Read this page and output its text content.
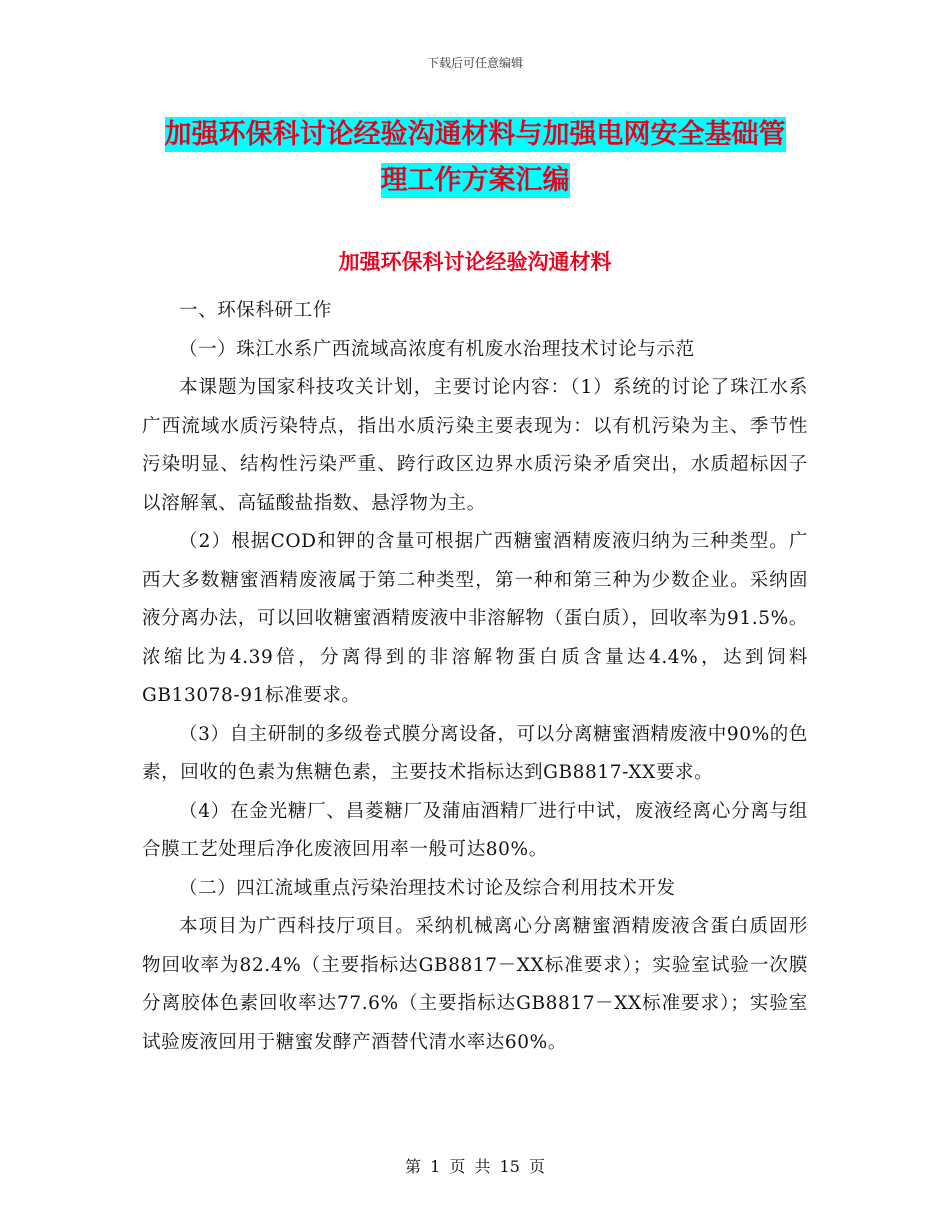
下载后可任意编辑
加强环保科讨论经验沟通材料与加强电网安全基础管
理工作方案汇编
加强环保科讨论经验沟通材料

一、环保科研工作

（一）珠江水系广西流域高浓度有机废水治理技术讨论与示范

本课题为国家科技攻关计划，主要讨论内容：（1）系统的讨论了珠江水系广西流域水质污染特点，指出水质污染主要表现为：以有机污染为主、季节性污染明显、结构性污染严重、跨行政区边界水质污染矛盾突出，水质超标因子以溶解氧、高锰酸盐指数、悬浮物为主。

（2）根据COD和钾的含量可根据广西糖蜜酒精废液归纳为三种类型。广西大多数糖蜜酒精废液属于第二种类型，第一种和第三种为少数企业。采纳固液分离办法，可以回收糖蜜酒精废液中非溶解物（蛋白质），回收率为91.5%。浓缩比为4.39倍，分离得到的非溶解物蛋白质含量达4.4%，达到饲料GB13078-91标准要求。

（3）自主研制的多级卷式膜分离设备，可以分离糖蜜酒精废液中90%的色素，回收的色素为焦糖色素，主要技术指标达到GB8817-XX要求。

（4）在金光糖厂、昌菱糖厂及蒲庙酒精厂进行中试，废液经离心分离与组合膜工艺处理后净化废液回用率一般可达80%。

（二）四江流域重点污染治理技术讨论及综合利用技术开发

本项目为广西科技厅项目。采纳机械离心分离糖蜜酒精废液含蛋白质固形物回收率为82.4%（主要指标达GB8817－XX标准要求）；实验室试验一次膜分离胶体色素回收率达77.6%（主要指标达GB8817－XX标准要求）；实验室试验废液回用于糖蜜发酵产酒替代清水率达60%。

第 1 页 共 15 页
